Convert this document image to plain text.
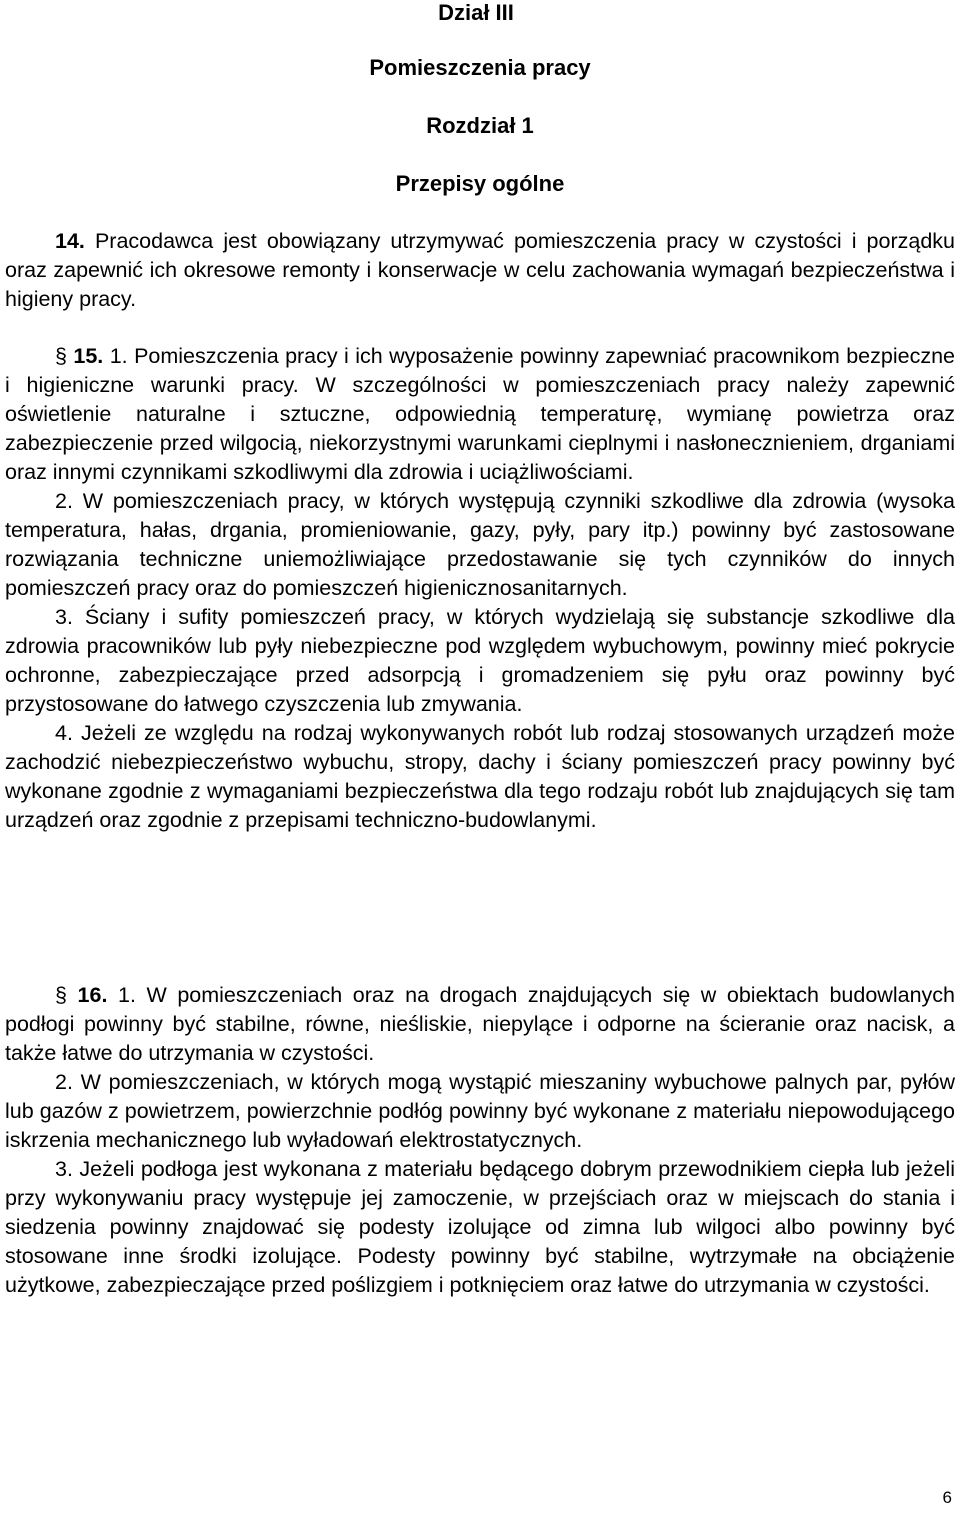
Dział III
Pomieszczenia pracy
Rozdział 1
Przepisy ogólne

14. Pracodawca jest obowiązany utrzymywać pomieszczenia pracy w czystości i porządku oraz zapewnić ich okresowe remonty i konserwacje w celu zachowania wymagań bezpieczeństwa i higieny pracy.

§ 15. 1. Pomieszczenia pracy i ich wyposażenie powinny zapewniać pracownikom bezpieczne i higieniczne warunki pracy. W szczególności w pomieszczeniach pracy należy zapewnić oświetlenie naturalne i sztuczne, odpowiednią temperaturę, wymianę powietrza oraz zabezpieczenie przed wilgocią, niekorzystnymi warunkami cieplnymi i nasłonecznieniem, drganiami oraz innymi czynnikami szkodliwymi dla zdrowia i uciążliwościami.

2. W pomieszczeniach pracy, w których występują czynniki szkodliwe dla zdrowia (wysoka temperatura, hałas, drgania, promieniowanie, gazy, pyły, pary itp.) powinny być zastosowane rozwiązania techniczne uniemożliwiające przedostawanie się tych czynników do innych pomieszczeń pracy oraz do pomieszczeń higienicznosanitarnych.

3. Ściany i sufity pomieszczeń pracy, w których wydzielają się substancje szkodliwe dla zdrowia pracowników lub pyły niebezpieczne pod względem wybuchowym, powinny mieć pokrycie ochronne, zabezpieczające przed adsorpcją i gromadzeniem się pyłu oraz powinny być przystosowane do łatwego czyszczenia lub zmywania.

4. Jeżeli ze względu na rodzaj wykonywanych robót lub rodzaj stosowanych urządzeń może zachodzić niebezpieczeństwo wybuchu, stropy, dachy i ściany pomieszczeń pracy powinny być wykonane zgodnie z wymaganiami bezpieczeństwa dla tego rodzaju robót lub znajdujących się tam urządzeń oraz zgodnie z przepisami techniczno-budowlanymi.

§ 16. 1. W pomieszczeniach oraz na drogach znajdujących się w obiektach budowlanych podłogi powinny być stabilne, równe, nieśliskie, niepylące i odporne na ścieranie oraz nacisk, a także łatwe do utrzymania w czystości.

2. W pomieszczeniach, w których mogą wystąpić mieszaniny wybuchowe palnych par, pyłów lub gazów z powietrzem, powierzchnie podłóg powinny być wykonane z materiału niepowodującego iskrzenia mechanicznego lub wyładowań elektrostatycznych.

3. Jeżeli podłoga jest wykonana z materiału będącego dobrym przewodnikiem ciepła lub jeżeli przy wykonywaniu pracy występuje jej zamoczenie, w przejściach oraz w miejscach do stania i siedzenia powinny znajdować się podesty izolujące od zimna lub wilgoci albo powinny być stosowane inne środki izolujące. Podesty powinny być stabilne, wytrzymałe na obciążenie użytkowe, zabezpieczające przed poślizgiem i potknięciem oraz łatwe do utrzymania w czystości.

6
